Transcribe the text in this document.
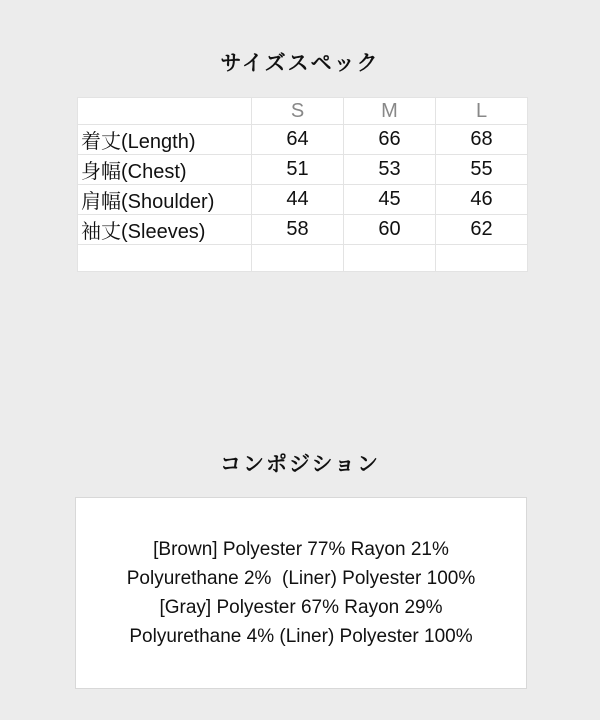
サイズスペック
	S	M	L
着丈(Length)	64	66	68
身幅(Chest)	51	53	55
肩幅(Shoulder)	44	45	46
袖丈(Sleeves)	58	60	62

コンポジション
[Brown] Polyester 77% Rayon 21%
Polyurethane 2%  (Liner) Polyester 100%
[Gray] Polyester 67% Rayon 29%
Polyurethane 4% (Liner) Polyester 100%
